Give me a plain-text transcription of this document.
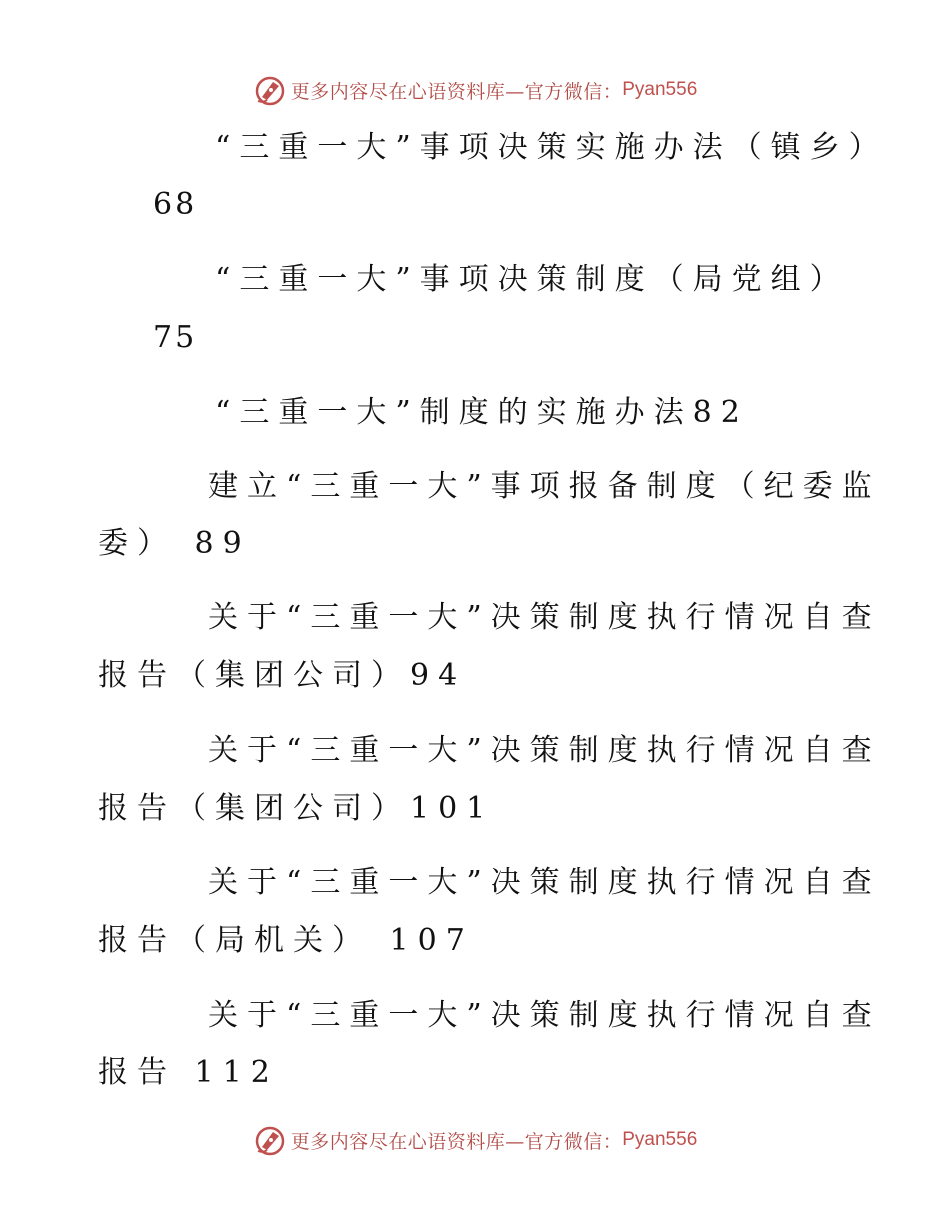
更多内容尽在心语资料库—官方微信： Pyan556
“三重一大”事项决策实施办法（镇乡）
68
“三重一大”事项决策制度（局党组）
75
“三重一大”制度的实施办法82
建立“三重一大”事项报备制度（纪委监
委） 89
关于“三重一大”决策制度执行情况自查
报告（集团公司）94
关于“三重一大”决策制度执行情况自查
报告（集团公司）101
关于“三重一大”决策制度执行情况自查
报告（局机关） 107
关于“三重一大”决策制度执行情况自查
报告 112
更多内容尽在心语资料库—官方微信： Pyan556
